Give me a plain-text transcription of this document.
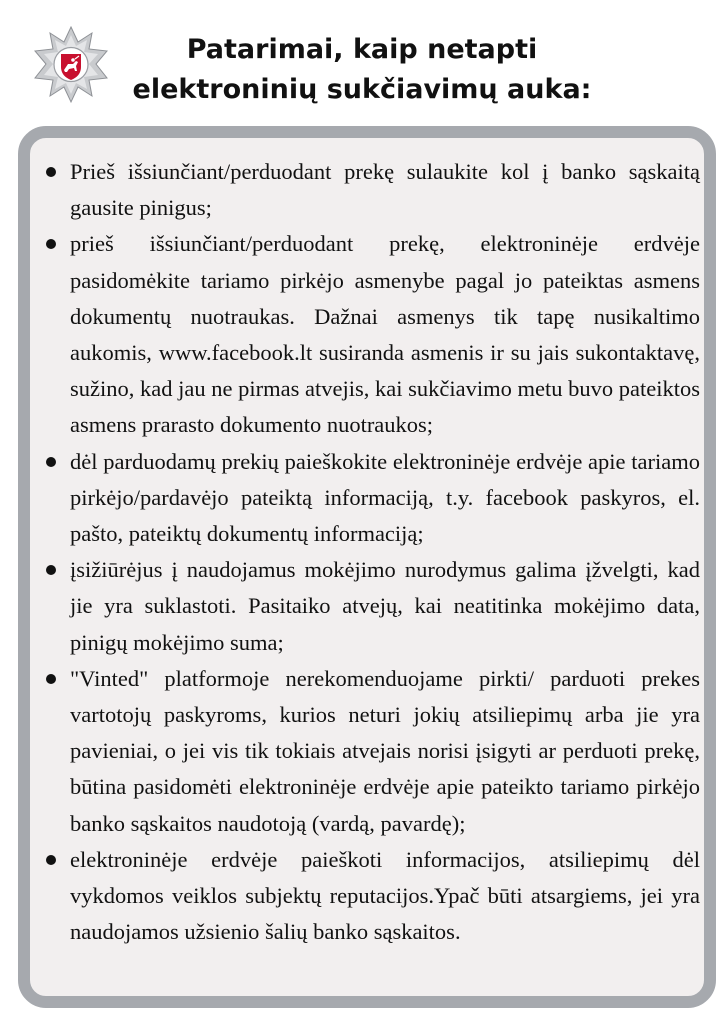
Patarimai, kaip netapti
elektroninių sukčiavimų auka:
Prieš išsiunčiant/perduodant prekę sulaukite kol į banko sąskaitą gausite pinigus;
prieš išsiunčiant/perduodant prekę, elektroninėje erdvėje pasidomėkite tariamo pirkėjo asmenybe pagal jo pateiktas asmens dokumentų nuotraukas. Dažnai asmenys tik tapę nusikaltimo aukomis, www.facebook.lt susiranda asmenis ir su jais sukontaktavę, sužino, kad jau ne pirmas atvejis, kai sukčiavimo metu buvo pateiktos asmens prarasto dokumento nuotraukos;
dėl parduodamų prekių paieškokite elektroninėje erdvėje apie tariamo pirkėjo/pardavėjo pateiktą informaciją, t.y. facebook paskyros, el. pašto, pateiktų dokumentų informaciją;
įsižiūrėjus į naudojamus mokėjimo nurodymus galima įžvelgti, kad jie yra suklastoti. Pasitaiko atvejų, kai neatitinka mokėjimo data, pinigų mokėjimo suma;
"Vinted" platformoje nerekomenduojame pirkti/ parduoti prekes vartotojų paskyroms, kurios neturi jokių atsiliepimų arba jie yra pavieniai, o jei vis tik tokiais atvejais norisi įsigyti ar perduoti prekę, būtina pasidomėti elektroninėje erdvėje apie pateikto tariamo pirkėjo banko sąskaitos naudotoją (vardą, pavardę);
elektroninėje erdvėje paieškoti informacijos, atsiliepimų dėl vykdomos veiklos subjektų reputacijos.Ypač būti atsargiems, jei yra naudojamos užsienio šalių banko sąskaitos.
